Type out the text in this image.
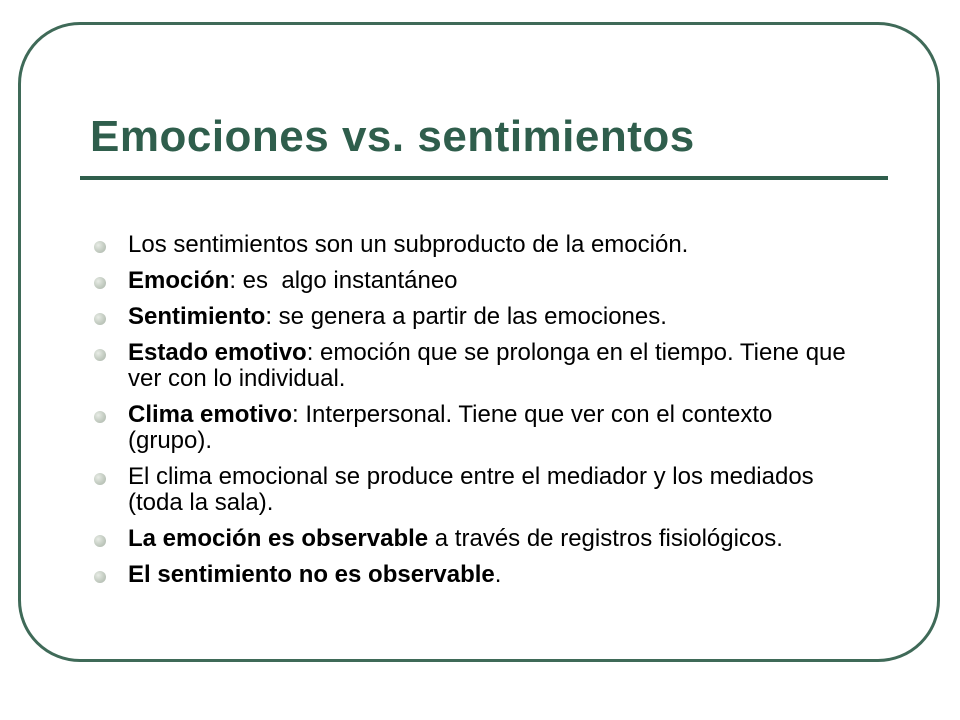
Emociones vs. sentimientos
Los sentimientos son un subproducto de la emoción.
Emoción: es  algo instantáneo
Sentimiento: se genera a partir de las emociones.
Estado emotivo: emoción que se prolonga en el tiempo. Tiene que ver con lo individual.
Clima emotivo: Interpersonal. Tiene que ver con el contexto (grupo).
El clima emocional se produce entre el mediador y los mediados (toda la sala).
La emoción es observable a través de registros fisiológicos.
El sentimiento no es observable.
